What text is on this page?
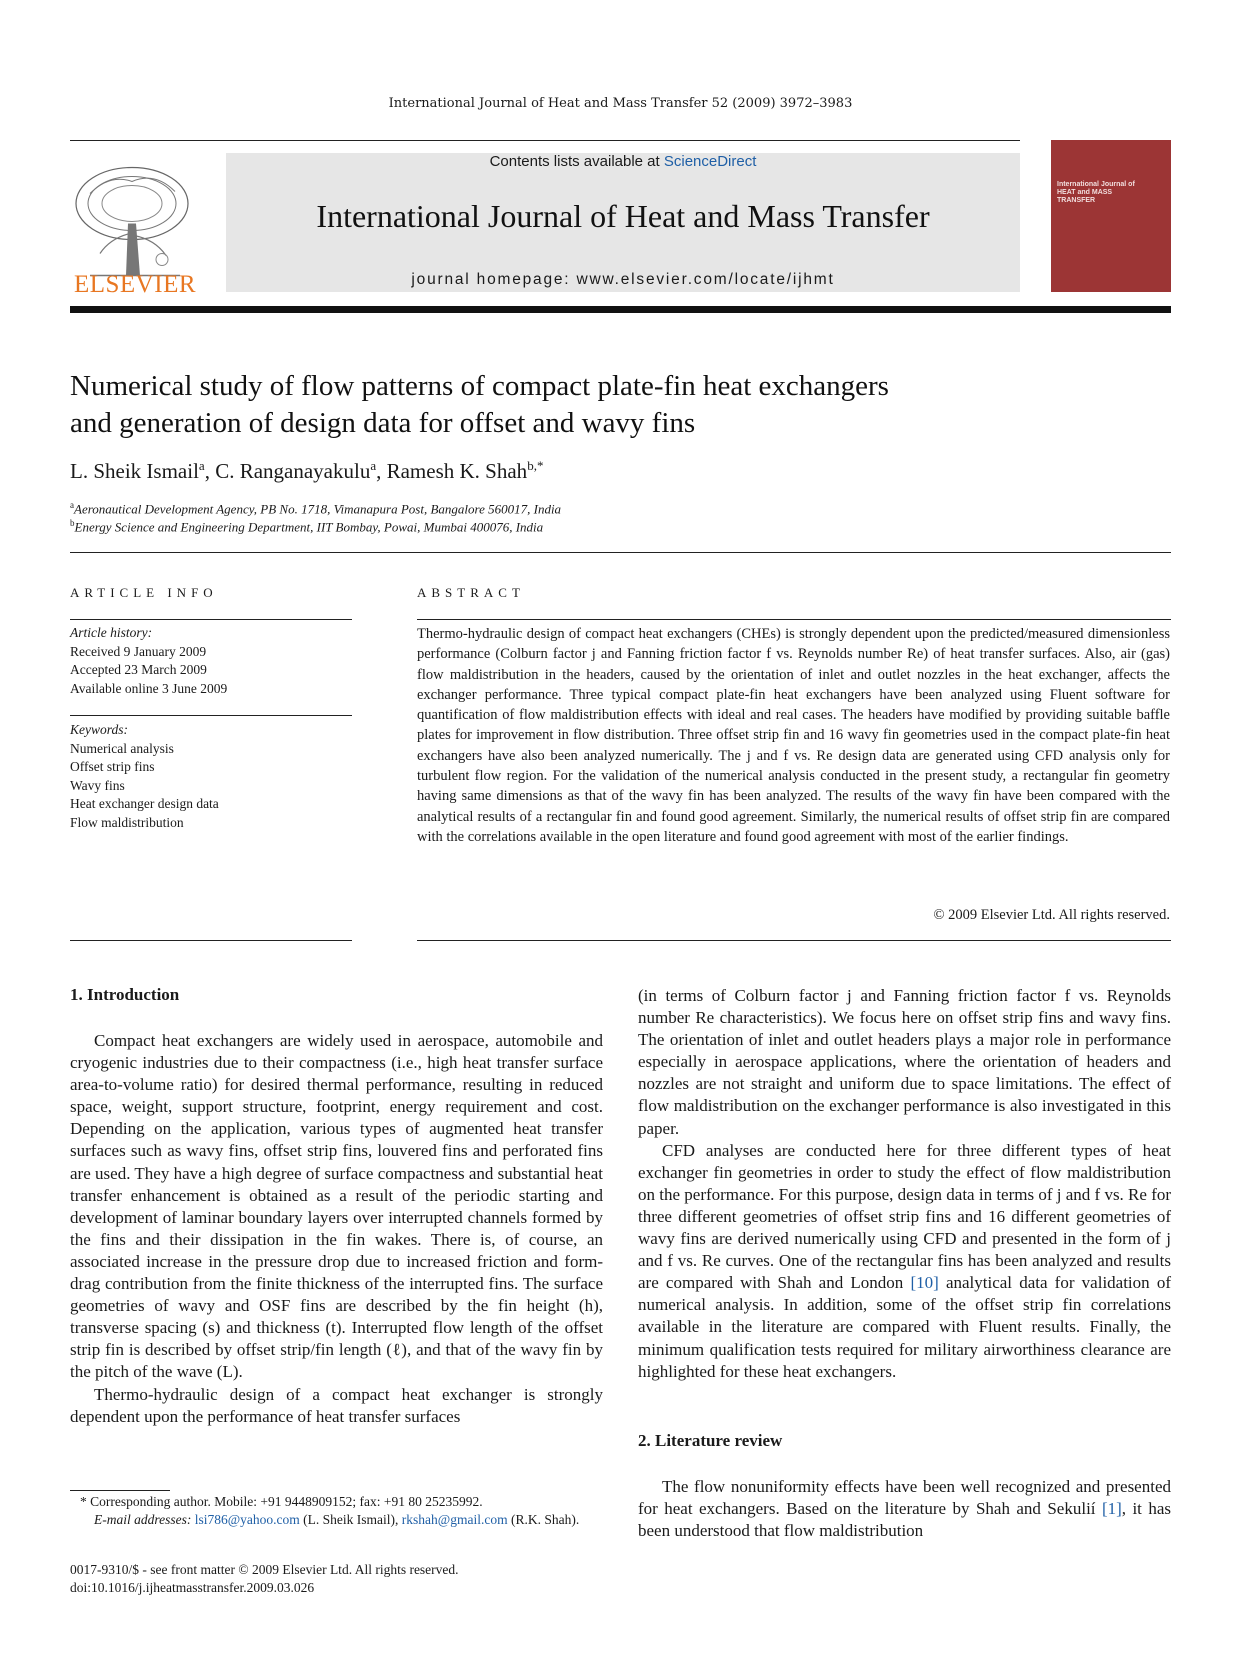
International Journal of Heat and Mass Transfer 52 (2009) 3972–3983
ELSEVIER
Contents lists available at ScienceDirect
International Journal of Heat and Mass Transfer
journal homepage: www.elsevier.com/locate/ijhmt
International Journal of HEAT and MASS TRANSFER
Numerical study of flow patterns of compact plate-fin heat exchangers
and generation of design data for offset and wavy fins
L. Sheik Ismail$^a$, C. Ranganayakulu$^a$, Ramesh K. Shah$^{b,*}$
$^a$Aeronautical Development Agency, PB No. 1718, Vimanapura Post, Bangalore 560017, India
$^b$Energy Science and Engineering Department, IIT Bombay, Powai, Mumbai 400076, India
ARTICLE INFO
Article history:
Received 9 January 2009
Accepted 23 March 2009
Available online 3 June 2009
Keywords:
Numerical analysis
Offset strip fins
Wavy fins
Heat exchanger design data
Flow maldistribution
ABSTRACT
Thermo-hydraulic design of compact heat exchangers (CHEs) is strongly dependent upon the predicted/measured dimensionless performance (Colburn factor j and Fanning friction factor f vs. Reynolds number Re) of heat transfer surfaces. Also, air (gas) flow maldistribution in the headers, caused by the orientation of inlet and outlet nozzles in the heat exchanger, affects the exchanger performance. Three typical compact plate-fin heat exchangers have been analyzed using Fluent software for quantification of flow maldistribution effects with ideal and real cases. The headers have modified by providing suitable baffle plates for improvement in flow distribution. Three offset strip fin and 16 wavy fin geometries used in the compact plate-fin heat exchangers have also been analyzed numerically. The j and f vs. Re design data are generated using CFD analysis only for turbulent flow region. For the validation of the numerical analysis conducted in the present study, a rectangular fin geometry having same dimensions as that of the wavy fin has been analyzed. The results of the wavy fin have been compared with the analytical results of a rectangular fin and found good agreement. Similarly, the numerical results of offset strip fin are compared with the correlations available in the open literature and found good agreement with most of the earlier findings.
© 2009 Elsevier Ltd. All rights reserved.
1. Introduction

Compact heat exchangers are widely used in aerospace, automobile and cryogenic industries due to their compactness (i.e., high heat transfer surface area-to-volume ratio) for desired thermal performance, resulting in reduced space, weight, support structure, footprint, energy requirement and cost. Depending on the application, various types of augmented heat transfer surfaces such as wavy fins, offset strip fins, louvered fins and perforated fins are used. They have a high degree of surface compactness and substantial heat transfer enhancement is obtained as a result of the periodic starting and development of laminar boundary layers over interrupted channels formed by the fins and their dissipation in the fin wakes. There is, of course, an associated increase in the pressure drop due to increased friction and form-drag contribution from the finite thickness of the interrupted fins. The surface geometries of wavy and OSF fins are described by the fin height (h), transverse spacing (s) and thickness (t). Interrupted flow length of the offset strip fin is described by offset strip/fin length (ℓ), and that of the wavy fin by the pitch of the wave (L).

Thermo-hydraulic design of a compact heat exchanger is strongly dependent upon the performance of heat transfer surfaces

* Corresponding author. Mobile: +91 9448909152; fax: +91 80 25235992.
E-mail addresses: lsi786@yahoo.com (L. Sheik Ismail), rkshah@gmail.com (R.K. Shah).
0017-9310/$ - see front matter © 2009 Elsevier Ltd. All rights reserved.
doi:10.1016/j.ijheatmasstransfer.2009.03.026

(in terms of Colburn factor j and Fanning friction factor f vs. Reynolds number Re characteristics). We focus here on offset strip fins and wavy fins. The orientation of inlet and outlet headers plays a major role in performance especially in aerospace applications, where the orientation of headers and nozzles are not straight and uniform due to space limitations. The effect of flow maldistribution on the exchanger performance is also investigated in this paper.

CFD analyses are conducted here for three different types of heat exchanger fin geometries in order to study the effect of flow maldistribution on the performance. For this purpose, design data in terms of j and f vs. Re for three different geometries of offset strip fins and 16 different geometries of wavy fins are derived numerically using CFD and presented in the form of j and f vs. Re curves. One of the rectangular fins has been analyzed and results are compared with Shah and London [10] analytical data for validation of numerical analysis. In addition, some of the offset strip fin correlations available in the literature are compared with Fluent results. Finally, the minimum qualification tests required for military airworthiness clearance are highlighted for these heat exchangers.

2. Literature review

The flow nonuniformity effects have been well recognized and presented for heat exchangers. Based on the literature by Shah and Sekulií [1], it has been understood that flow maldistribution
